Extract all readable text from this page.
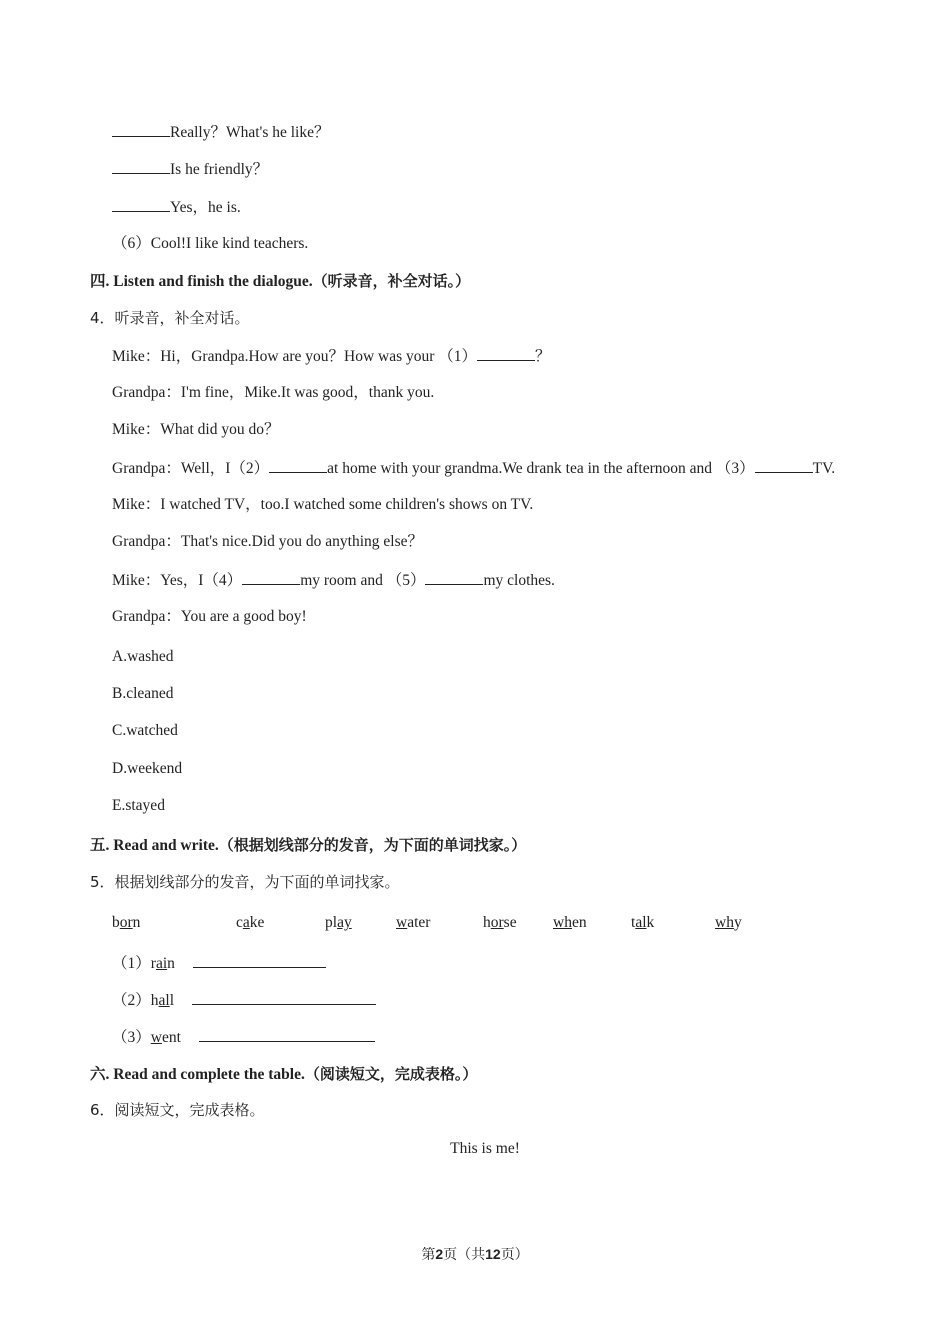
Really？What's he like？
Is he friendly？
Yes，he is.
（6）Cool!I like kind teachers.
四. Listen and finish the dialogue.（听录音，补全对话。）
4．听录音，补全对话。
Mike：Hi，Grandpa.How are you？How was your （1）	？
Grandpa：I'm fine，Mike.It was good，thank you.
Mike：What did you do？
Grandpa：Well，I（2）	at home with your grandma.We drank tea in the afternoon and （3）	TV.
Mike：I watched TV，too.I watched some children's shows on TV.
Grandpa：That's nice.Did you do anything else？
Mike：Yes，I（4）	my room and （5）	my clothes.
Grandpa：You are a good boy!
A.washed
B.cleaned
C.watched
D.weekend
E.stayed
五. Read and write.（根据划线部分的发音，为下面的单词找家。）
5．根据划线部分的发音，为下面的单词找家。
born	cake	play	water	horse when	talk	why
（1）rain
（2）hall
（3）went
六. Read and complete the table.（阅读短文，完成表格。）
6．阅读短文，完成表格。
This is me!
第2页（共12页）
